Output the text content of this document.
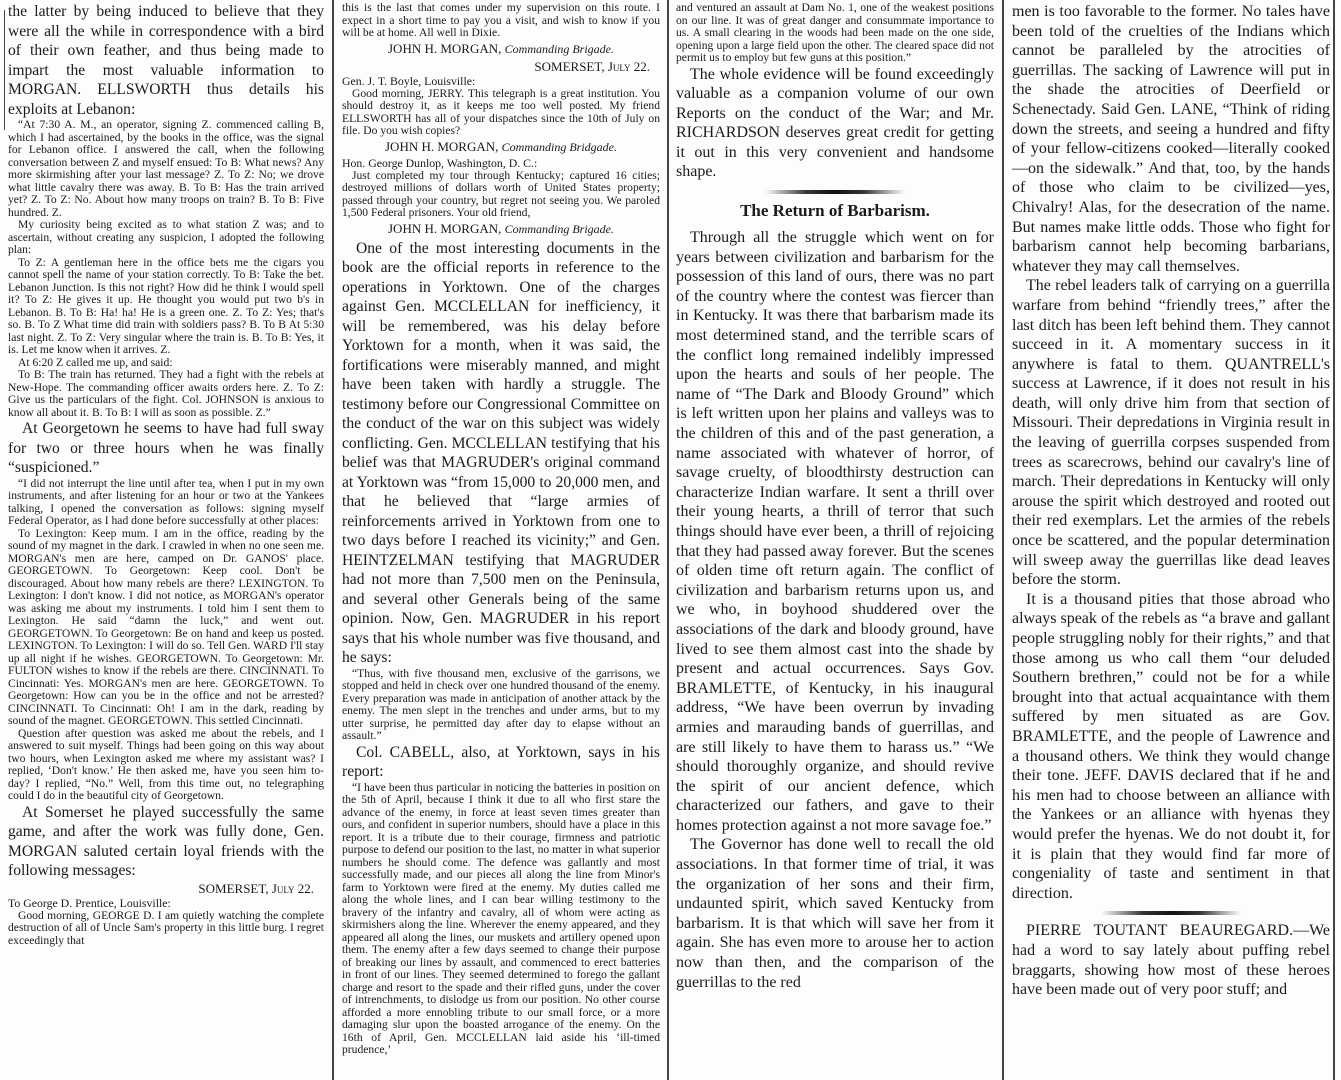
the latter by being induced to believe that they were all the while in correspondence with a bird of their own feather, and thus being made to impart the most valuable information to MORGAN. ELLSWORTH thus details his exploits at Lebanon:

“At 7:30 A. M., an operator, signing Z. commenced calling B, which I had ascertained, by the books in the office, was the signal for Lebanon office. I answered the call, when the following conversation between Z and myself ensued: To B: What news? Any more skirmishing after your last message? Z. To Z: No; we drove what little cavalry there was away. B. To B: Has the train arrived yet? Z. To Z: No. About how many troops on train? B. To B: Five hundred. Z.

My curiosity being excited as to what station Z was; and to ascertain, without creating any suspicion, I adopted the following plan:

To Z: A gentleman here in the office bets me the cigars you cannot spell the name of your station correctly. To B: Take the bet. Lebanon Junction. Is this not right? How did he think I would spell it? To Z: He gives it up. He thought you would put two b's in Lebanon. B. To B: Ha! ha! He is a green one. Z. To Z: Yes; that's so. B. To Z What time did train with soldiers pass? B. To B At 5:30 last night. Z. To Z: Very singular where the train is. B. To B: Yes, it is. Let me know when it arrives. Z.

At 6:20 Z called me up, and said:

To B: The train has returned. They had a fight with the rebels at New-Hope. The commanding officer awaits orders here. Z. To Z: Give us the particulars of the fight. Col. JOHNSON is anxious to know all about it. B. To B: I will as soon as possible. Z.”

At Georgetown he seems to have had full sway for two or three hours when he was finally “suspicioned.”

“I did not interrupt the line until after tea, when I put in my own instruments, and after listening for an hour or two at the Yankees talking, I opened the conversation as follows: signing myself Federal Operator, as I had done before successfully at other places:

To Lexington: Keep mum. I am in the office, reading by the sound of my magnet in the dark. I crawled in when no one seen me. MORGAN's men are here, camped on Dr. GANOS' place. GEORGETOWN. To Georgetown: Keep cool. Don't be discouraged. About how many rebels are there? LEXINGTON. To Lexington: I don't know. I did not notice, as MORGAN's operator was asking me about my instruments. I told him I sent them to Lexington. He said “damn the luck,” and went out. GEORGETOWN. To Georgetown: Be on hand and keep us posted. LEXINGTON. To Lexington: I will do so. Tell Gen. WARD I'll stay up all night if he wishes. GEORGETOWN. To Georgetown: Mr. FULTON wishes to know if the rebels are there. CINCINNATI. To Cincinnati: Yes. MORGAN's men are here. GEORGETOWN. To Georgetown: How can you be in the office and not be arrested? CINCINNATI. To Cincinnati: Oh! I am in the dark, reading by sound of the magnet. GEORGETOWN. This settled Cincinnati.

Question after question was asked me about the rebels, and I answered to suit myself. Things had been going on this way about two hours, when Lexington asked me where my assistant was? I replied, ‘Don't know.’ He then asked me, have you seen him to-day? I replied, “No.” Well, from this time out, no telegraphing could I do in the beautiful city of Georgetown.

At Somerset he played successfully the same game, and after the work was fully done, Gen. MORGAN saluted certain loyal friends with the following messages:

SOMERSET, July 22.

To George D. Prentice, Louisville:

Good morning, GEORGE D. I am quietly watching the complete destruction of all of Uncle Sam's property in this little burg. I regret exceedingly that

this is the last that comes under my supervision on this route. I expect in a short time to pay you a visit, and wish to know if you will be at home. All well in Dixie.

JOHN H. MORGAN, Commanding Brigade.
SOMERSET, July 22.

Gen. J. T. Boyle, Louisville:

Good morning, JERRY. This telegraph is a great institution. You should destroy it, as it keeps me too well posted. My friend ELLSWORTH has all of your dispatches since the 10th of July on file. Do you wish copies?

JOHN H. MORGAN, Commanding Bridgade.

Hon. George Dunlop, Washington, D. C.:

Just completed my tour through Kentucky; captured 16 cities; destroyed millions of dollars worth of United States property; passed through your country, but regret not seeing you. We paroled 1,500 Federal prisoners. Your old friend,

JOHN H. MORGAN, Commanding Brigade.

One of the most interesting documents in the book are the official reports in reference to the operations in Yorktown. One of the charges against Gen. MCCLELLAN for inefficiency, it will be remembered, was his delay before Yorktown for a month, when it was said, the fortifications were miserably manned, and might have been taken with hardly a struggle. The testimony before our Congressional Committee on the conduct of the war on this subject was widely conflicting. Gen. MCCLELLAN testifying that his belief was that MAGRUDER's original command at Yorktown was “from 15,000 to 20,000 men, and that he believed that “large armies of reinforcements arrived in Yorktown from one to two days before I reached its vicinity;” and Gen. HEINTZELMAN testifying that MAGRUDER had not more than 7,500 men on the Peninsula, and several other Generals being of the same opinion. Now, Gen. MAGRUDER in his report says that his whole number was five thousand, and he says:

“Thus, with five thousand men, exclusive of the garrisons, we stopped and held in check over one hundred thousand of the enemy. Every preparation was made in anticipation of another attack by the enemy. The men slept in the trenches and under arms, but to my utter surprise, he permitted day after day to elapse without an assault.”

Col. CABELL, also, at Yorktown, says in his report:

“I have been thus particular in noticing the batteries in position on the 5th of April, because I think it due to all who first stare the advance of the enemy, in force at least seven times greater than ours, and confident in superior numbers, should have a place in this report. It is a tribute due to their courage, firmness and patriotic purpose to defend our position to the last, no matter in what superior numbers he should come. The defence was gallantly and most successfully made, and our pieces all along the line from Minor's farm to Yorktown were fired at the enemy. My duties called me along the whole lines, and I can bear willing testimony to the bravery of the infantry and cavalry, all of whom were acting as skirmishers along the line. Wherever the enemy appeared, and they appeared all along the lines, our muskets and artillery opened upon them. The enemy after a few days seemed to change their purpose of breaking our lines by assault, and commenced to erect batteries in front of our lines. They seemed determined to forego the gallant charge and resort to the spade and their rifled guns, under the cover of intrenchments, to dislodge us from our position. No other course afforded a more ennobling tribute to our small force, or a more damaging slur upon the boasted arrogance of the enemy. On the 16th of April, Gen. MCCLELLAN laid aside his ‘ill-timed prudence,’

and ventured an assault at Dam No. 1, one of the weakest positions on our line. It was of great danger and consummate importance to us. A small clearing in the woods had been made on the one side, opening upon a large field upon the other. The cleared space did not permit us to employ but few guns at this position.”

The whole evidence will be found exceedingly valuable as a companion volume of our own Reports on the conduct of the War; and Mr. RICHARDSON deserves great credit for getting it out in this very convenient and handsome shape.

The Return of Barbarism.

Through all the struggle which went on for years between civilization and barbarism for the possession of this land of ours, there was no part of the country where the contest was fiercer than in Kentucky. It was there that barbarism made its most determined stand, and the terrible scars of the conflict long remained indelibly impressed upon the hearts and souls of her people. The name of “The Dark and Bloody Ground” which is left written upon her plains and valleys was to the children of this and of the past generation, a name associated with whatever of horror, of savage cruelty, of bloodthirsty destruction can characterize Indian warfare. It sent a thrill over their young hearts, a thrill of terror that such things should have ever been, a thrill of rejoicing that they had passed away forever. But the scenes of olden time oft return again. The conflict of civilization and barbarism returns upon us, and we who, in boyhood shuddered over the associations of the dark and bloody ground, have lived to see them almost cast into the shade by present and actual occurrences. Says Gov. BRAMLETTE, of Kentucky, in his inaugural address, “We have been overrun by invading armies and marauding bands of guerrillas, and are still likely to have them to harass us.” “We should thoroughly organize, and should revive the spirit of our ancient defence, which characterized our fathers, and gave to their homes protection against a not more savage foe.”

The Governor has done well to recall the old associations. In that former time of trial, it was the organization of her sons and their firm, undaunted spirit, which saved Kentucky from barbarism. It is that which will save her from it again. She has even more to arouse her to action now than then, and the comparison of the guerrillas to the red

men is too favorable to the former. No tales have been told of the cruelties of the Indians which cannot be paralleled by the atrocities of guerrillas. The sacking of Lawrence will put in the shade the atrocities of Deerfield or Schenectady. Said Gen. LANE, “Think of riding down the streets, and seeing a hundred and fifty of your fellow-citizens cooked—literally cooked—on the sidewalk.” And that, too, by the hands of those who claim to be civilized—yes, Chivalry! Alas, for the desecration of the name. But names make little odds. Those who fight for barbarism cannot help becoming barbarians, whatever they may call themselves.

The rebel leaders talk of carrying on a guerrilla warfare from behind “friendly trees,” after the last ditch has been left behind them. They cannot succeed in it. A momentary success in it anywhere is fatal to them. QUANTRELL's success at Lawrence, if it does not result in his death, will only drive him from that section of Missouri. Their depredations in Virginia result in the leaving of guerrilla corpses suspended from trees as scarecrows, behind our cavalry's line of march. Their depredations in Kentucky will only arouse the spirit which destroyed and rooted out their red exemplars. Let the armies of the rebels once be scattered, and the popular determination will sweep away the guerrillas like dead leaves before the storm.

It is a thousand pities that those abroad who always speak of the rebels as “a brave and gallant people struggling nobly for their rights,” and that those among us who call them “our deluded Southern brethren,” could not be for a while brought into that actual acquaintance with them suffered by men situated as are Gov. BRAMLETTE, and the people of Lawrence and a thousand others. We think they would change their tone. JEFF. DAVIS declared that if he and his men had to choose between an alliance with the Yankees or an alliance with hyenas they would prefer the hyenas. We do not doubt it, for it is plain that they would find far more of congeniality of taste and sentiment in that direction.

PIERRE TOUTANT BEAUREGARD.—We had a word to say lately about puffing rebel braggarts, showing how most of these heroes have been made out of very poor stuff; and
